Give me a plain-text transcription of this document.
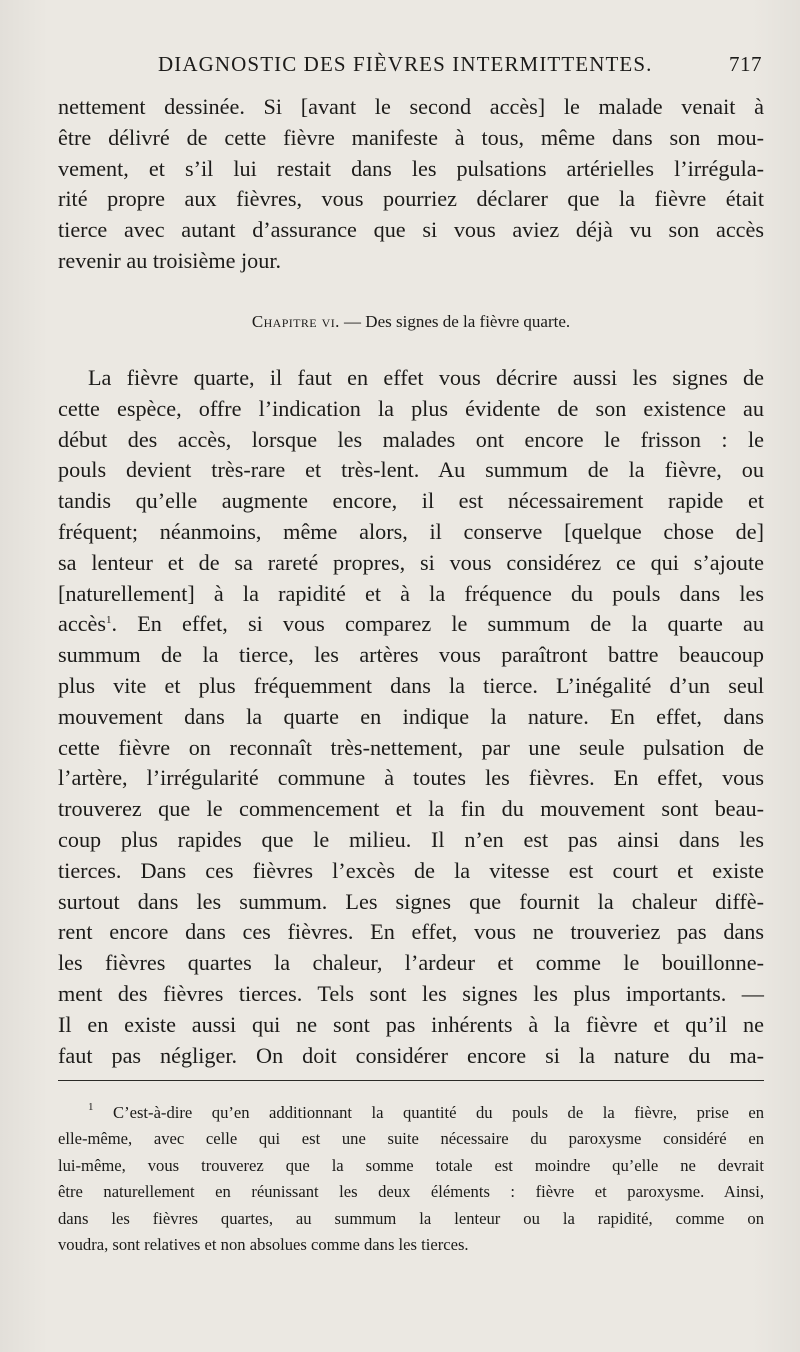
DIAGNOSTIC DES FIÈVRES INTERMITTENTES.	717
nettement dessinée. Si [avant le second accès] le malade venait à
être délivré de cette fièvre manifeste à tous, même dans son mou-
vement, et s’il lui restait dans les pulsations artérielles l’irrégula-
rité propre aux fièvres, vous pourriez déclarer que la fièvre était
tierce avec autant d’assurance que si vous aviez déjà vu son accès
revenir au troisième jour.
Chapitre vi. — Des signes de la fièvre quarte.
La fièvre quarte, il faut en effet vous décrire aussi les signes de
cette espèce, offre l’indication la plus évidente de son existence au
début des accès, lorsque les malades ont encore le frisson : le
pouls devient très-rare et très-lent. Au summum de la fièvre, ou
tandis qu’elle augmente encore, il est nécessairement rapide et
fréquent; néanmoins, même alors, il conserve [quelque chose de]
sa lenteur et de sa rareté propres, si vous considérez ce qui s’ajoute
[naturellement] à la rapidité et à la fréquence du pouls dans les
accès$^1$. En effet, si vous comparez le summum de la quarte au
summum de la tierce, les artères vous paraîtront battre beaucoup
plus vite et plus fréquemment dans la tierce. L’inégalité d’un seul
mouvement dans la quarte en indique la nature. En effet, dans
cette fièvre on reconnaît très-nettement, par une seule pulsation de
l’artère, l’irrégularité commune à toutes les fièvres. En effet, vous
trouverez que le commencement et la fin du mouvement sont beau-
coup plus rapides que le milieu. Il n’en est pas ainsi dans les
tierces. Dans ces fièvres l’excès de la vitesse est court et existe
surtout dans les summum. Les signes que fournit la chaleur diffè-
rent encore dans ces fièvres. En effet, vous ne trouveriez pas dans
les fièvres quartes la chaleur, l’ardeur et comme le bouillonne-
ment des fièvres tierces. Tels sont les signes les plus importants. —
Il en existe aussi qui ne sont pas inhérents à la fièvre et qu’il ne
faut pas négliger. On doit considérer encore si la nature du ma-
$^1$ C’est-à-dire qu’en additionnant la quantité du pouls de la fièvre, prise en
elle-même, avec celle qui est une suite nécessaire du paroxysme considéré en
lui-même, vous trouverez que la somme totale est moindre qu’elle ne devrait
être naturellement en réunissant les deux éléments : fièvre et paroxysme. Ainsi,
dans les fièvres quartes, au summum la lenteur ou la rapidité, comme on
voudra, sont relatives et non absolues comme dans les tierces.
